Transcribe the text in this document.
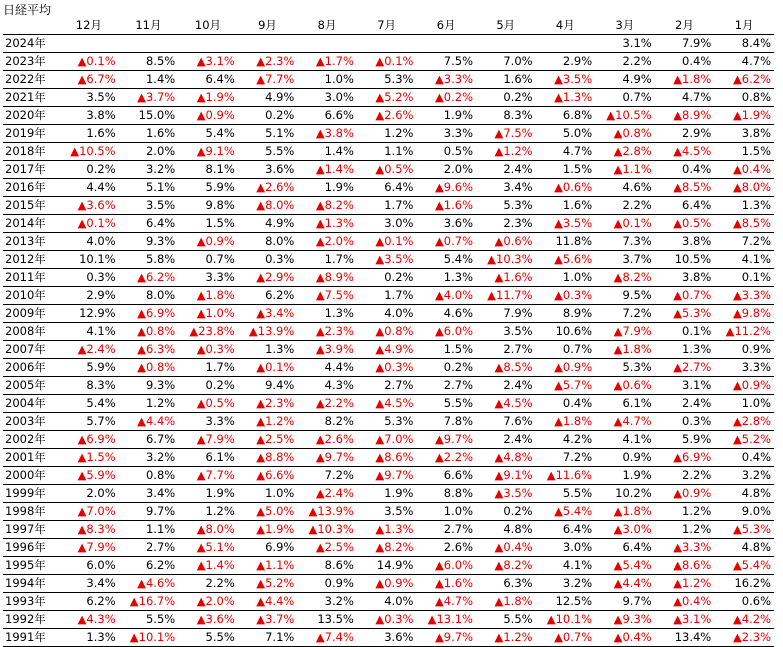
日経平均
	12月	11月	10月	9月	8月	7月	6月	5月	4月	3月	2月	1月
2024年										3.1%	7.9%	8.4%
2023年	▲0.1%	8.5%	▲3.1%	▲2.3%	▲1.7%	▲0.1%	7.5%	7.0%	2.9%	2.2%	0.4%	4.7%
2022年	▲6.7%	1.4%	6.4%	▲7.7%	1.0%	5.3%	▲3.3%	1.6%	▲3.5%	4.9%	▲1.8%	▲6.2%
2021年	3.5%	▲3.7%	▲1.9%	4.9%	3.0%	▲5.2%	▲0.2%	0.2%	▲1.3%	0.7%	4.7%	0.8%
2020年	3.8%	15.0%	▲0.9%	0.2%	6.6%	▲2.6%	1.9%	8.3%	6.8%	▲10.5%	▲8.9%	▲1.9%
2019年	1.6%	1.6%	5.4%	5.1%	▲3.8%	1.2%	3.3%	▲7.5%	5.0%	▲0.8%	2.9%	3.8%
2018年	▲10.5%	2.0%	▲9.1%	5.5%	1.4%	1.1%	0.5%	▲1.2%	4.7%	▲2.8%	▲4.5%	1.5%
2017年	0.2%	3.2%	8.1%	3.6%	▲1.4%	▲0.5%	2.0%	2.4%	1.5%	▲1.1%	0.4%	▲0.4%
2016年	4.4%	5.1%	5.9%	▲2.6%	1.9%	6.4%	▲9.6%	3.4%	▲0.6%	4.6%	▲8.5%	▲8.0%
2015年	▲3.6%	3.5%	9.8%	▲8.0%	▲8.2%	1.7%	▲1.6%	5.3%	1.6%	2.2%	6.4%	1.3%
2014年	▲0.1%	6.4%	1.5%	4.9%	▲1.3%	3.0%	3.6%	2.3%	▲3.5%	▲0.1%	▲0.5%	▲8.5%
2013年	4.0%	9.3%	▲0.9%	8.0%	▲2.0%	▲0.1%	▲0.7%	▲0.6%	11.8%	7.3%	3.8%	7.2%
2012年	10.1%	5.8%	0.7%	0.3%	1.7%	▲3.5%	5.4%	▲10.3%	▲5.6%	3.7%	10.5%	4.1%
2011年	0.3%	▲6.2%	3.3%	▲2.9%	▲8.9%	0.2%	1.3%	▲1.6%	1.0%	▲8.2%	3.8%	0.1%
2010年	2.9%	8.0%	▲1.8%	6.2%	▲7.5%	1.7%	▲4.0%	▲11.7%	▲0.3%	9.5%	▲0.7%	▲3.3%
2009年	12.9%	▲6.9%	▲1.0%	▲3.4%	1.3%	4.0%	4.6%	7.9%	8.9%	7.2%	▲5.3%	▲9.8%
2008年	4.1%	▲0.8%	▲23.8%	▲13.9%	▲2.3%	▲0.8%	▲6.0%	3.5%	10.6%	▲7.9%	0.1%	▲11.2%
2007年	▲2.4%	▲6.3%	▲0.3%	1.3%	▲3.9%	▲4.9%	1.5%	2.7%	0.7%	▲1.8%	1.3%	0.9%
2006年	5.9%	▲0.8%	1.7%	▲0.1%	4.4%	▲0.3%	0.2%	▲8.5%	▲0.9%	5.3%	▲2.7%	3.3%
2005年	8.3%	9.3%	0.2%	9.4%	4.3%	2.7%	2.7%	2.4%	▲5.7%	▲0.6%	3.1%	▲0.9%
2004年	5.4%	1.2%	▲0.5%	▲2.3%	▲2.2%	▲4.5%	5.5%	▲4.5%	0.4%	6.1%	2.4%	1.0%
2003年	5.7%	▲4.4%	3.3%	▲1.2%	8.2%	5.3%	7.8%	7.6%	▲1.8%	▲4.7%	0.3%	▲2.8%
2002年	▲6.9%	6.7%	▲7.9%	▲2.5%	▲2.6%	▲7.0%	▲9.7%	2.4%	4.2%	4.1%	5.9%	▲5.2%
2001年	▲1.5%	3.2%	6.1%	▲8.8%	▲9.7%	▲8.6%	▲2.2%	▲4.8%	7.2%	0.9%	▲6.9%	0.4%
2000年	▲5.9%	0.8%	▲7.7%	▲6.6%	7.2%	▲9.7%	6.6%	▲9.1%	▲11.6%	1.9%	2.2%	3.2%
1999年	2.0%	3.4%	1.9%	1.0%	▲2.4%	1.9%	8.8%	▲3.5%	5.5%	10.2%	▲0.9%	4.8%
1998年	▲7.0%	9.7%	1.2%	▲5.0%	▲13.9%	3.5%	1.0%	0.2%	▲5.4%	▲1.8%	1.2%	9.0%
1997年	▲8.3%	1.1%	▲8.0%	▲1.9%	▲10.3%	▲1.3%	2.7%	4.8%	6.4%	▲3.0%	1.2%	▲5.3%
1996年	▲7.9%	2.7%	▲5.1%	6.9%	▲2.5%	▲8.2%	2.6%	▲0.4%	3.0%	6.4%	▲3.3%	4.8%
1995年	6.0%	6.2%	▲1.4%	▲1.1%	8.6%	14.9%	▲6.0%	▲8.2%	4.1%	▲5.4%	▲8.6%	▲5.4%
1994年	3.4%	▲4.6%	2.2%	▲5.2%	0.9%	▲0.9%	▲1.6%	6.3%	3.2%	▲4.4%	▲1.2%	16.2%
1993年	6.2%	▲16.7%	▲2.0%	▲4.4%	3.2%	4.0%	▲4.7%	▲1.8%	12.5%	9.7%	▲0.4%	0.6%
1992年	▲4.3%	5.5%	▲3.6%	▲3.7%	13.5%	▲0.3%	▲13.1%	5.5%	▲10.1%	▲9.3%	▲3.1%	▲4.2%
1991年	1.3%	▲10.1%	5.5%	7.1%	▲7.4%	3.6%	▲9.7%	▲1.2%	▲0.7%	▲0.4%	13.4%	▲2.3%
